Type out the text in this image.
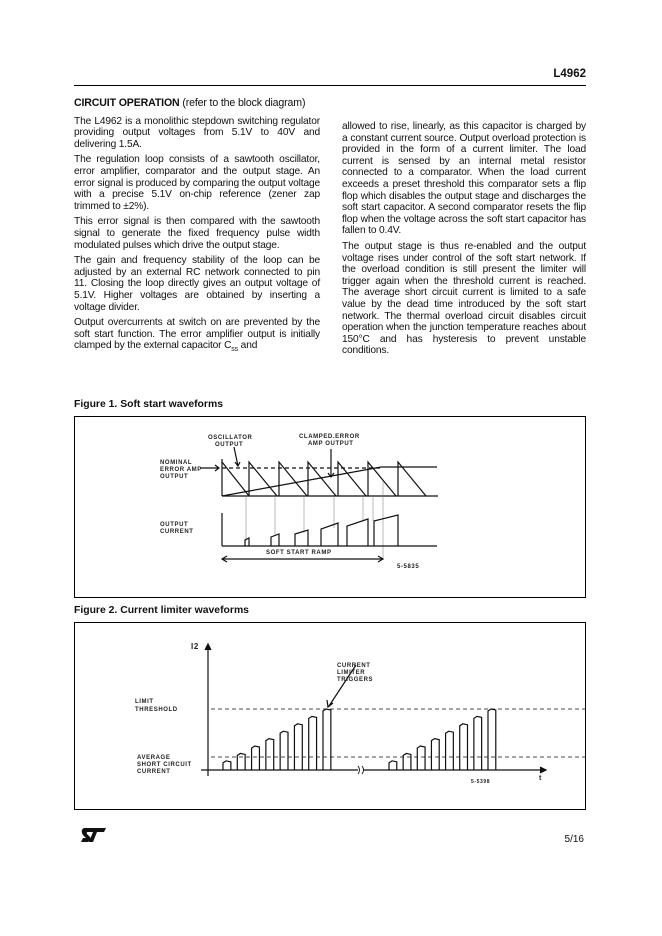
L4962

CIRCUIT OPERATION (refer to the block diagram)

The L4962 is a monolithic stepdown switching regulator providing output voltages from 5.1V to 40V and delivering 1.5A.

The regulation loop consists of a sawtooth oscillator, error amplifier, comparator and the output stage. An error signal is produced by comparing the output voltage with a precise 5.1V on-chip reference (zener zap trimmed to ±2%).

This error signal is then compared with the sawtooth signal to generate the fixed frequency pulse width modulated pulses which drive the output stage.

The gain and frequency stability of the loop can be adjusted by an external RC network connected to pin 11. Closing the loop directly gives an output voltage of 5.1V. Higher voltages are obtained by inserting a voltage divider.

Output overcurrents at switch on are prevented by the soft start function. The error amplifier output is initially clamped by the external capacitor $C_{ss}$ and

allowed to rise, linearly, as this capacitor is charged by a constant current source. Output overload protection is provided in the form of a current limiter. The load current is sensed by an internal metal resistor connected to a comparator. When the load current exceeds a preset threshold this comparator sets a flip flop which disables the output stage and discharges the soft start capacitor. A second comparator resets the flip flop when the voltage across the soft start capacitor has fallen to 0.4V.

The output stage is thus re-enabled and the output voltage rises under control of the soft start network. If the overload condition is still present the limiter will trigger again when the threshold current is reached. The average short circuit current is limited to a safe value by the dead time introduced by the soft start network. The thermal overload circuit disables circuit operation when the junction temperature reaches about 150°C and has hysteresis to prevent unstable conditions.

Figure 1. Soft start waveforms
OSCILLATOR
OUTPUT
CLAMPED.ERROR
AMP OUTPUT
NOMINAL
ERROR AMP
OUTPUT
OUTPUT
CURRENT
SOFT START RAMP
5-5835
Figure 2. Current limiter waveforms
I2
t
CURRENT
LIMITER
TRIGGERS
LIMIT
THRESHOLD
AVERAGE
SHORT CIRCUIT
CURRENT
5-5398
5/16
